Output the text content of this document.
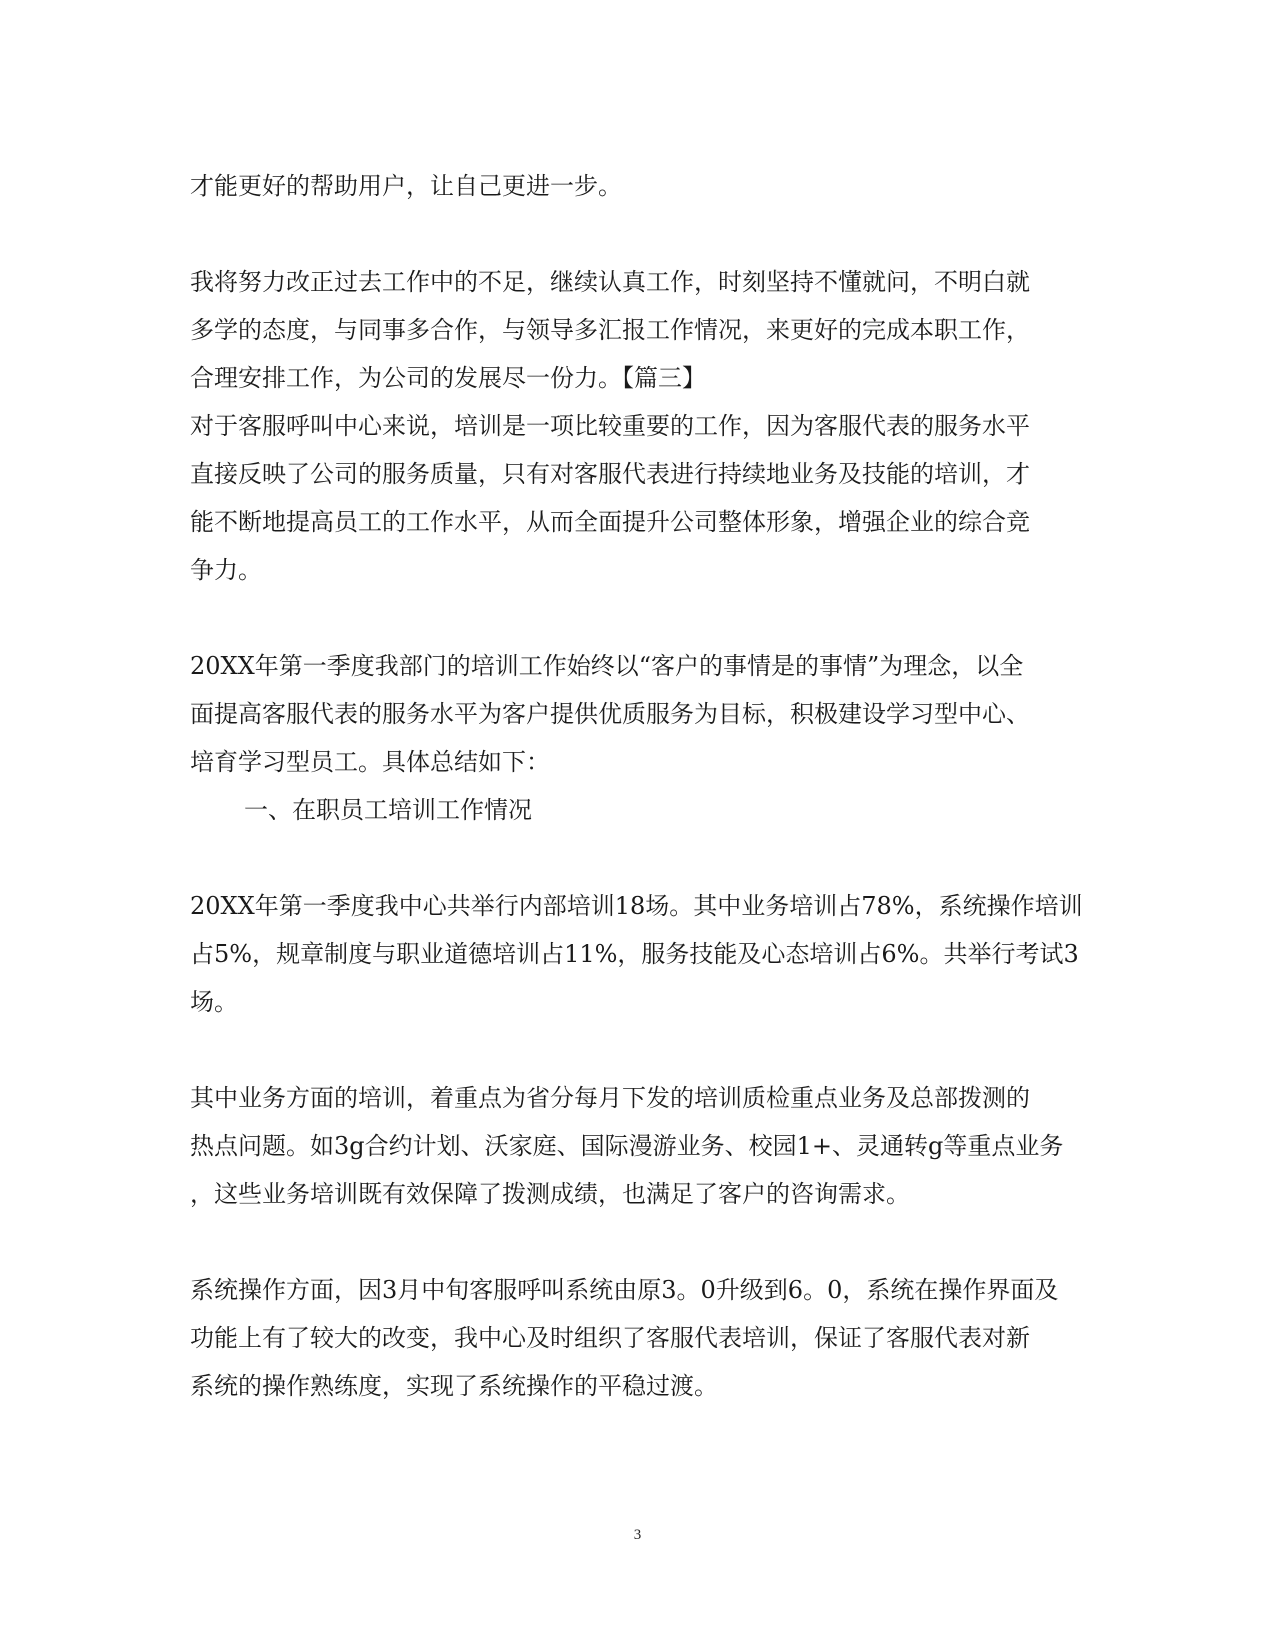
才能更好的帮助用户，让自己更进一步。

我将努力改正过去工作中的不足，继续认真工作，时刻坚持不懂就问，不明白就
多学的态度，与同事多合作，与领导多汇报工作情况，来更好的完成本职工作，
合理安排工作，为公司的发展尽一份力。【篇三】
对于客服呼叫中心来说，培训是一项比较重要的工作，因为客服代表的服务水平
直接反映了公司的服务质量，只有对客服代表进行持续地业务及技能的培训，才
能不断地提高员工的工作水平，从而全面提升公司整体形象，增强企业的综合竞
争力。

20XX年第一季度我部门的培训工作始终以“客户的事情是的事情”为理念，以全
面提高客服代表的服务水平为客户提供优质服务为目标，积极建设学习型中心、
培育学习型员工。具体总结如下：

一、在职员工培训工作情况

20XX年第一季度我中心共举行内部培训18场。其中业务培训占78%，系统操作培训
占5%，规章制度与职业道德培训占11%，服务技能及心态培训占6%。共举行考试3
场。

其中业务方面的培训，着重点为省分每月下发的培训质检重点业务及总部拨测的
热点问题。如3g合约计划、沃家庭、国际漫游业务、校园1+、灵通转g等重点业务
，这些业务培训既有效保障了拨测成绩，也满足了客户的咨询需求。

系统操作方面，因3月中旬客服呼叫系统由原3。0升级到6。0，系统在操作界面及
功能上有了较大的改变，我中心及时组织了客服代表培训，保证了客服代表对新
系统的操作熟练度，实现了系统操作的平稳过渡。

3
